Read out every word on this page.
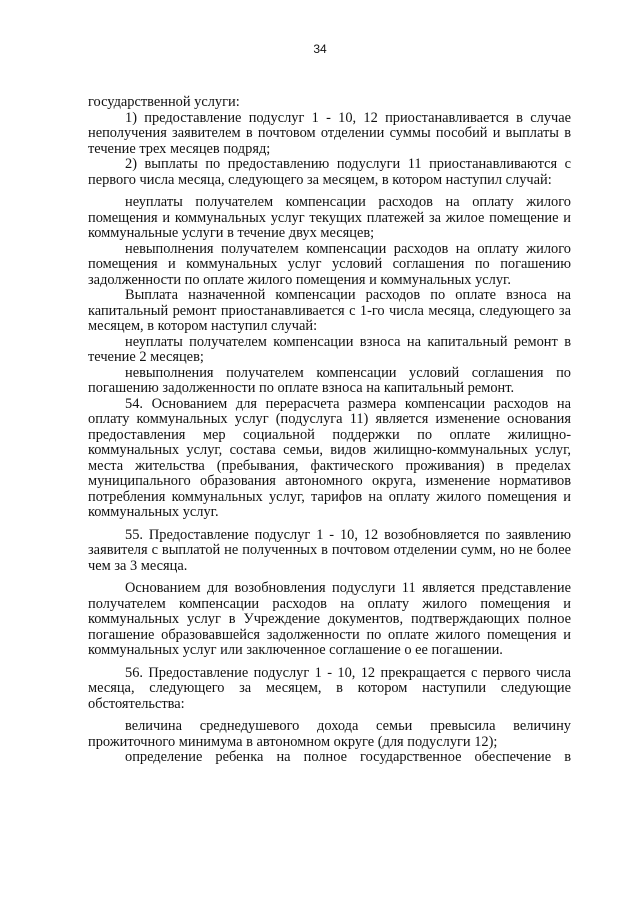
34

государственной услуги:

1) предоставление подуслуг 1 - 10, 12 приостанавливается в случае неполучения заявителем в почтовом отделении суммы пособий и выплаты в течение трех месяцев подряд;

2) выплаты по предоставлению подуслуги 11 приостанавливаются с первого числа месяца, следующего за месяцем, в котором наступил случай:

неуплаты получателем компенсации расходов на оплату жилого помещения и коммунальных услуг текущих платежей за жилое помещение и коммунальные услуги в течение двух месяцев;

невыполнения получателем компенсации расходов на оплату жилого помещения и коммунальных услуг условий соглашения по погашению задолженности по оплате жилого помещения и коммунальных услуг.

Выплата назначенной компенсации расходов по оплате взноса на капитальный ремонт приостанавливается с 1-го числа месяца, следующего за месяцем, в котором наступил случай:

неуплаты получателем компенсации взноса на капитальный ремонт в течение 2 месяцев;

невыполнения получателем компенсации условий соглашения по погашению задолженности по оплате взноса на капитальный ремонт.

54. Основанием для перерасчета размера компенсации расходов на оплату коммунальных услуг (подуслуга 11) является изменение основания предоставления мер социальной поддержки по оплате жилищно-коммунальных услуг, состава семьи, видов жилищно-коммунальных услуг, места жительства (пребывания, фактического проживания) в пределах муниципального образования автономного округа, изменение нормативов потребления коммунальных услуг, тарифов на оплату жилого помещения и коммунальных услуг.

55. Предоставление подуслуг 1 - 10, 12 возобновляется по заявлению заявителя с выплатой не полученных в почтовом отделении сумм, но не более чем за 3 месяца.

Основанием для возобновления подуслуги 11 является представление получателем компенсации расходов на оплату жилого помещения и коммунальных услуг в Учреждение документов, подтверждающих полное погашение образовавшейся задолженности по оплате жилого помещения и коммунальных услуг или заключенное соглашение о ее погашении.

56. Предоставление подуслуг 1 - 10, 12 прекращается с первого числа месяца, следующего за месяцем, в котором наступили следующие обстоятельства:

величина среднедушевого дохода семьи превысила величину прожиточного минимума в автономном округе (для подуслуги 12);

определение ребенка на полное государственное обеспечение в
